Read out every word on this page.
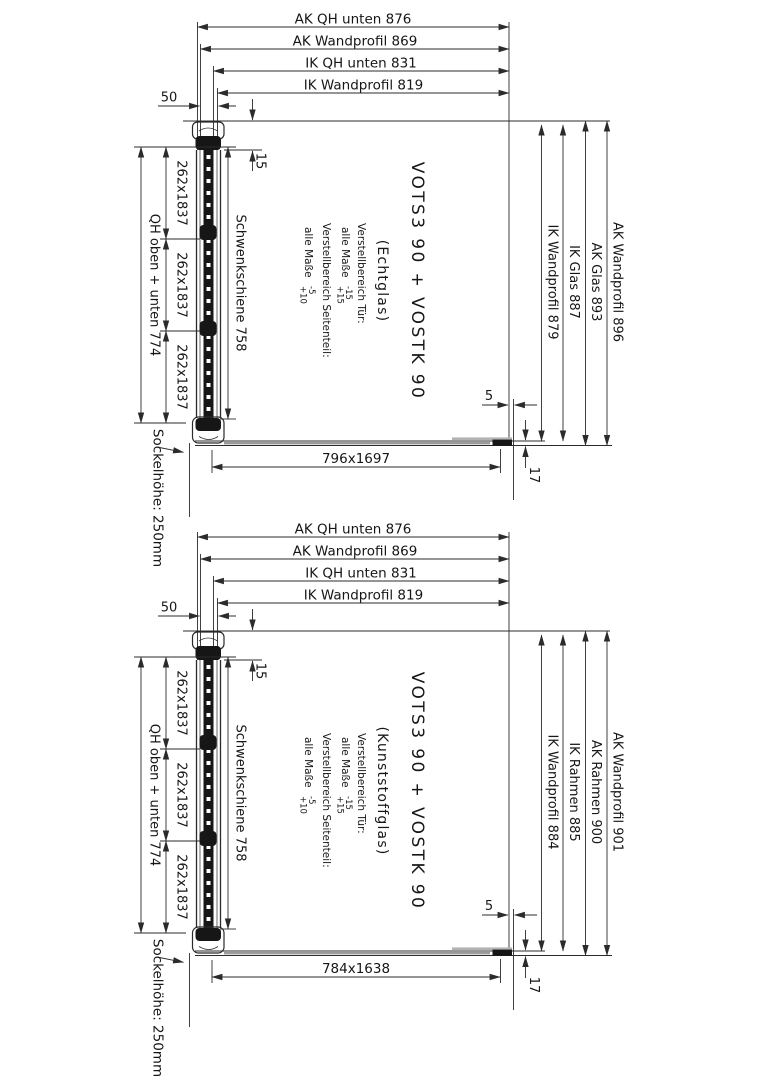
AK QH unten 876
AK Wandprofil 869
IK QH unten 831
IK Wandprofil 819
IK Wandprofil 879 IK Glas 887 AK Glas 893 AK Wandprofil 896
QH oben + unten 774
262x1837
262x1837
262x1837
Schwenkschiene 758
Sockelhöhe: 250mm
50
15
5
17
796x1697
VOTS3 90 + VOSTK 90
(Echtglas)
Verstellbereich Tür:
alle Maße
-15
+15
Verstellbereich Seitenteil:
alle Maße
-5
+10
AK QH unten 876
AK Wandprofil 869
IK QH unten 831
IK Wandprofil 819
IK Wandprofil 884 IK Rahmen 885 AK Rahmen 900 AK Wandprofil 901
QH oben + unten 774
262x1837
262x1837
262x1837
Schwenkschiene 758
Sockelhöhe: 250mm
50
15
5
17
784x1638
VOTS3 90 + VOSTK 90
(Kunststoffglas)
Verstellbereich Tür:
alle Maße
-15
+15
Verstellbereich Seitenteil:
alle Maße
-5
+10
